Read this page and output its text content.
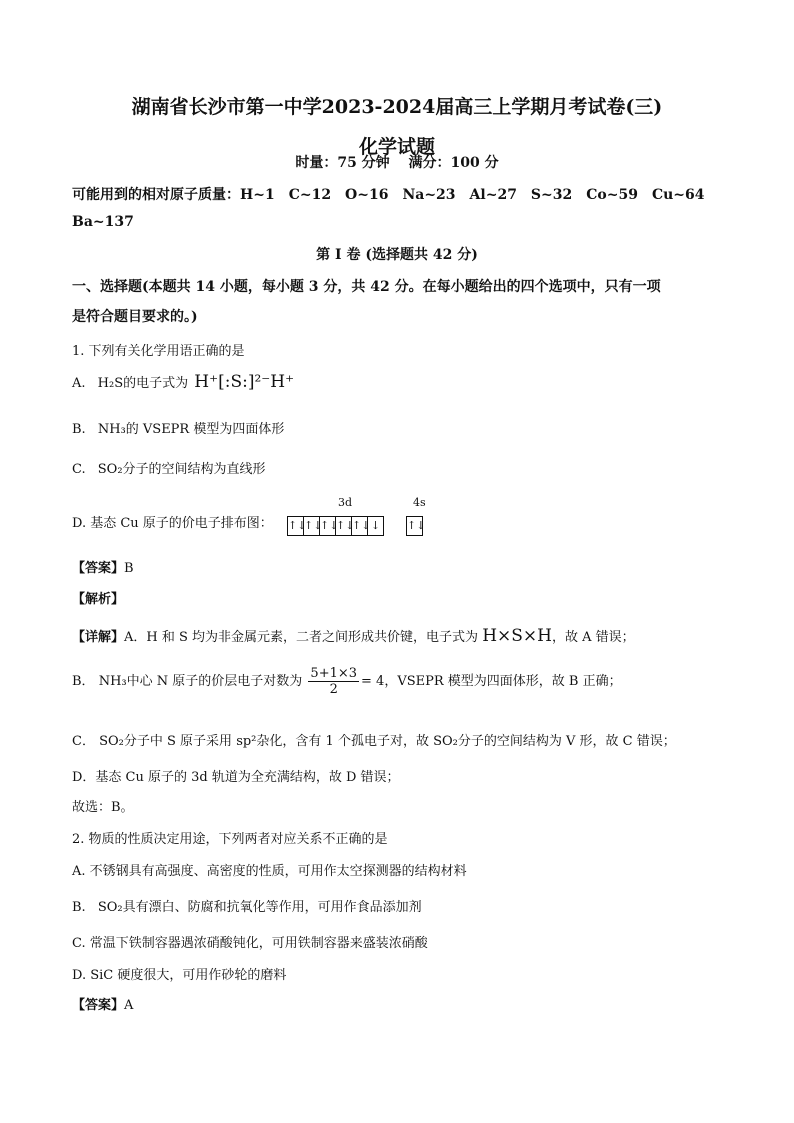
湖南省长沙市第一中学2023-2024届高三上学期月考试卷(三)
化学试题
时量：75 分钟　 满分：100 分
可能用到的相对原子质量：H~1　C~12　O~16　Na~23　Al~27　S~32　Co~59　Cu~64
Ba~137
第 I 卷 (选择题共 42 分)
一、选择题(本题共 14 小题，每小题 3 分，共 42 分。在每小题给出的四个选项中，只有一项
是符合题目要求的。)
1. 下列有关化学用语正确的是
A. H₂S的电子式为 H⁺[:S:]²⁻H⁺
B. NH₃的 VSEPR 模型为四面体形
C. SO₂分子的空间结构为直线形
D. 基态 Cu 原子的价电子排布图：
3d	4s
↑↓
↑↓
↑↓
↑↓
↑↓ ↓ ↑↓
【答案】B
【解析】
【详解】A．H 和 S 均为非金属元素，二者之间形成共价键，电子式为 H×S×H，故 A 错误；
B． NH₃中心 N 原子的价层电子对数为 $\frac{5+1\times 3}{2} = 4$，VSEPR 模型为四面体形，故 B 正确；
C． SO₂分子中 S 原子采用 sp²杂化，含有 1 个孤电子对，故 SO₂分子的空间结构为 V 形，故 C 错误；
D．基态 Cu 原子的 3d 轨道为全充满结构，故 D 错误；
故选：B。
2. 物质的性质决定用途，下列两者对应关系不正确的是
A. 不锈钢具有高强度、高密度的性质，可用作太空探测器的结构材料
B. SO₂具有漂白、防腐和抗氧化等作用，可用作食品添加剂
C. 常温下铁制容器遇浓硝酸钝化，可用铁制容器来盛装浓硝酸
D. SiC 硬度很大，可用作砂轮的磨料
【答案】A
